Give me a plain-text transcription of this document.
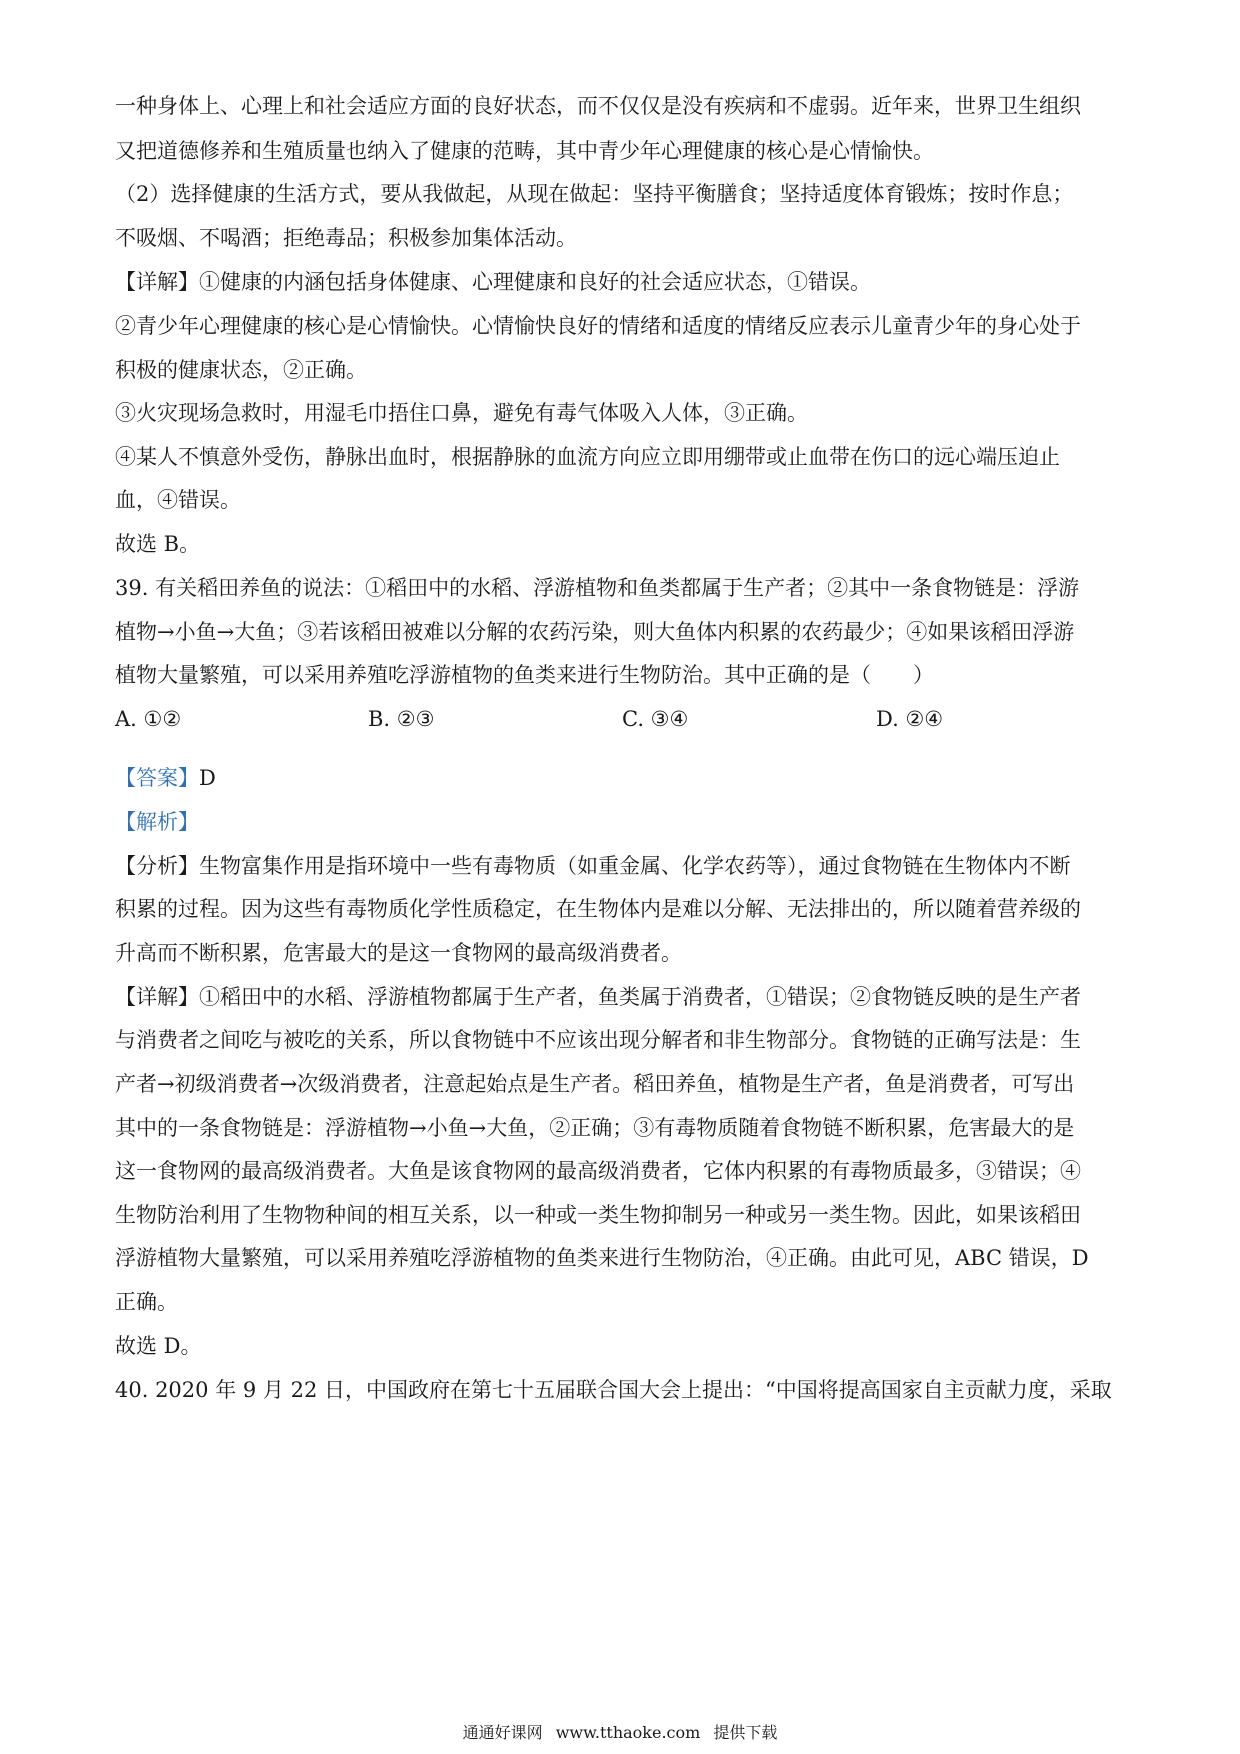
一种身体上、心理上和社会适应方面的良好状态，而不仅仅是没有疾病和不虚弱。近年来，世界卫生组织
又把道德修养和生殖质量也纳入了健康的范畴，其中青少年心理健康的核心是心情愉快。
（2）选择健康的生活方式，要从我做起，从现在做起：坚持平衡膳食；坚持适度体育锻炼；按时作息；
不吸烟、不喝酒；拒绝毒品；积极参加集体活动。
【详解】①健康的内涵包括身体健康、心理健康和良好的社会适应状态，①错误。
②青少年心理健康的核心是心情愉快。心情愉快良好的情绪和适度的情绪反应表示儿童青少年的身心处于
积极的健康状态，②正确。
③火灾现场急救时，用湿毛巾捂住口鼻，避免有毒气体吸入人体，③正确。
④某人不慎意外受伤，静脉出血时，根据静脉的血流方向应立即用绷带或止血带在伤口的远心端压迫止
血，④错误。
故选 B。
39. 有关稻田养鱼的说法：①稻田中的水稻、浮游植物和鱼类都属于生产者；②其中一条食物链是：浮游
植物→小鱼→大鱼；③若该稻田被难以分解的农药污染，则大鱼体内积累的农药最少；④如果该稻田浮游
植物大量繁殖，可以采用养殖吃浮游植物的鱼类来进行生物防治。其中正确的是（　　）
A. ①②	B. ②③	C. ③④	D. ②④
【答案】D
【解析】
【分析】生物富集作用是指环境中一些有毒物质（如重金属、化学农药等），通过食物链在生物体内不断
积累的过程。因为这些有毒物质化学性质稳定，在生物体内是难以分解、无法排出的，所以随着营养级的
升高而不断积累，危害最大的是这一食物网的最高级消费者。
【详解】①稻田中的水稻、浮游植物都属于生产者，鱼类属于消费者，①错误；②食物链反映的是生产者
与消费者之间吃与被吃的关系，所以食物链中不应该出现分解者和非生物部分。食物链的正确写法是：生
产者→初级消费者→次级消费者，注意起始点是生产者。稻田养鱼，植物是生产者，鱼是消费者，可写出
其中的一条食物链是：浮游植物→小鱼→大鱼，②正确；③有毒物质随着食物链不断积累，危害最大的是
这一食物网的最高级消费者。大鱼是该食物网的最高级消费者，它体内积累的有毒物质最多，③错误；④
生物防治利用了生物物种间的相互关系，以一种或一类生物抑制另一种或另一类生物。因此，如果该稻田
浮游植物大量繁殖，可以采用养殖吃浮游植物的鱼类来进行生物防治，④正确。由此可见，ABC 错误，D
正确。
故选 D。
40. 2020 年 9 月 22 日，中国政府在第七十五届联合国大会上提出：“中国将提高国家自主贡献力度，采取
通通好课网 www.tthaoke.com 提供下载
